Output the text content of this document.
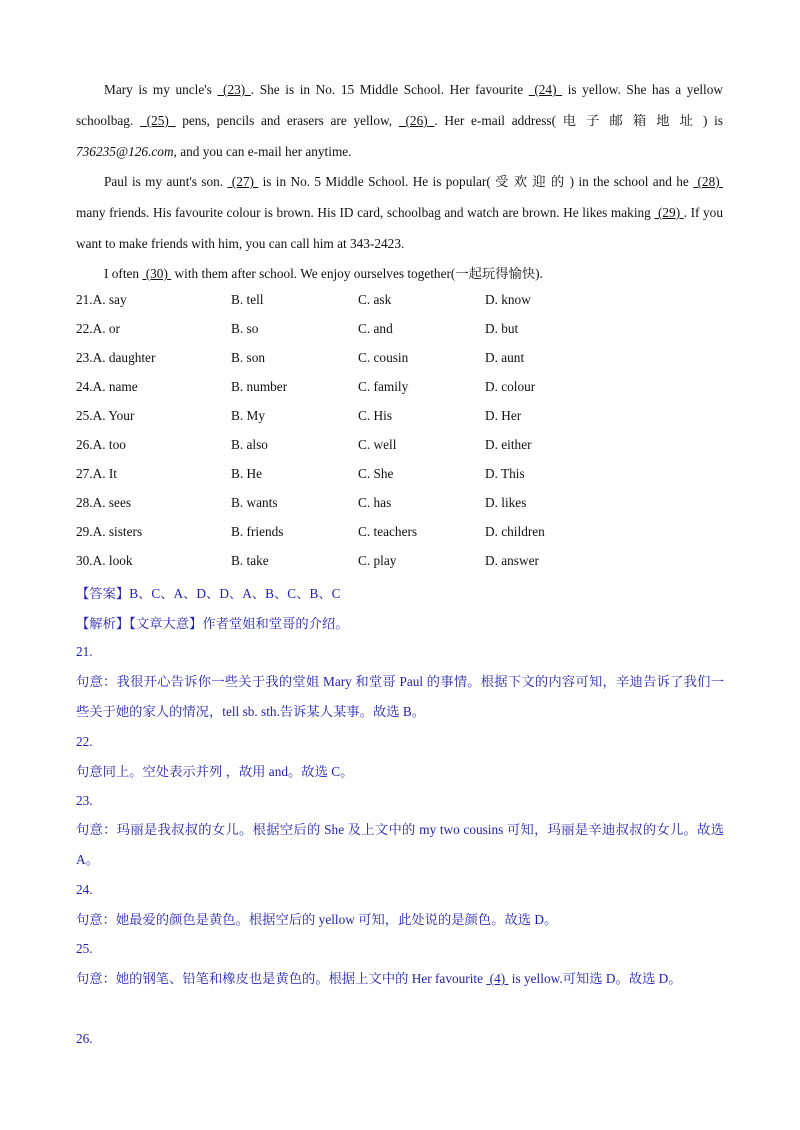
Mary is my uncle's  (23) . She is in No. 15 Middle School. Her favourite  (24)  is yellow. She has a yellow schoolbag.  (25)  pens, pencils and erasers are yellow,  (26) . Her e-mail address( 电 子 邮 箱 地 址 ) is 736235@126.com, and you can e-mail her anytime.
Paul is my aunt's son.  (27)  is in No. 5 Middle School. He is popular( 受 欢 迎 的 ) in the school and he  (28)  many friends. His favourite colour is brown. His ID card, schoolbag and watch are brown. He likes making  (29) . If you want to make friends with him, you can call him at 343-2423.
I often  (30)  with them after school. We enjoy ourselves together(一起玩得愉快).
21.A. say	B. tell	C. ask	D. know
22.A. or	B. so	C. and	D. but
23.A. daughter	B. son	C. cousin	D. aunt
24.A. name	B. number	C. family	D. colour
25.A. Your	B. My	C. His	D. Her
26.A. too	B. also	C. well	D. either
27.A. It	B. He	C. She	D. This
28.A. sees	B. wants	C. has	D. likes
29.A. sisters	B. friends	C. teachers	D. children
30.A. look	B. take	C. play	D. answer
【答案】B、C、A、D、D、A、B、C、B、C
【解析】【文章大意】作者堂姐和堂哥的介绍。
21.
句意：我很开心告诉你一些关于我的堂姐 Mary 和堂哥 Paul 的事情。根据下文的内容可知，辛迪告诉了我们一些关于她的家人的情况，tell sb. sth.告诉某人某事。故选 B。
22.
句意同上。空处表示并列 ，故用 and。故选 C。
23.
句意：玛丽是我叔叔的女儿。根据空后的 She 及上文中的 my two cousins 可知，玛丽是辛迪叔叔的女儿。故选 A。
24.
句意：她最爱的颜色是黄色。根据空后的 yellow 可知，此处说的是颜色。故选 D。
25.
句意：她的钢笔、铅笔和橡皮也是黄色的。根据上文中的 Her favourite  (4)  is yellow.可知选 D。故选 D。
26.
